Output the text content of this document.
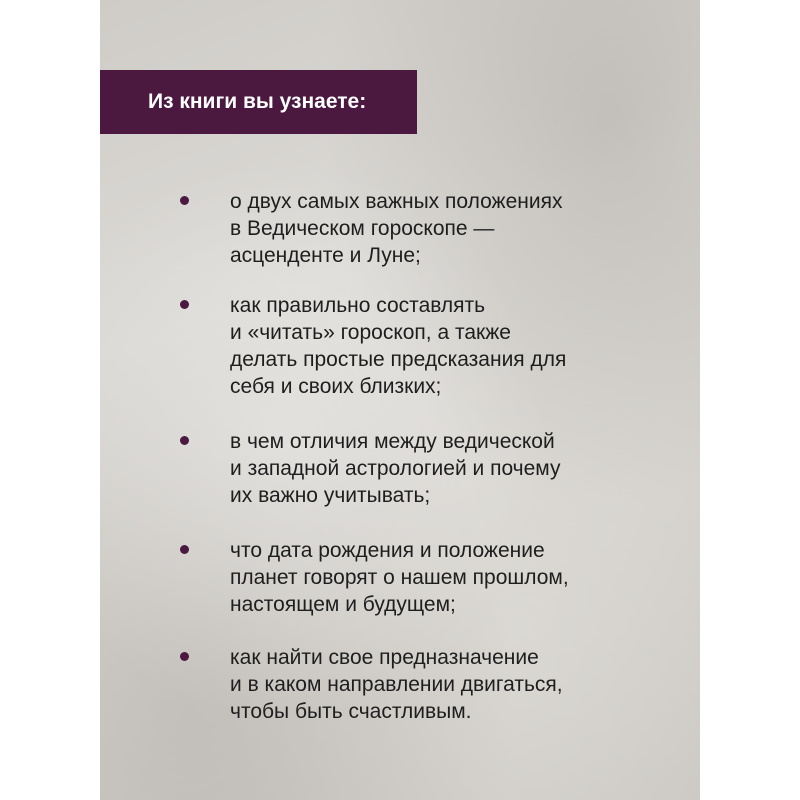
Из книги вы узнаете:

о двух самых важных положениях
в Ведическом гороскопе —
асценденте и Луне;

как правильно составлять
и «читать» гороскоп, а также
делать простые предсказания для
себя и своих близких;

в чем отличия между ведической
и западной астрологией и почему
их важно учитывать;

что дата рождения и положение
планет говорят о нашем прошлом,
настоящем и будущем;

как найти свое предназначение
и в каком направлении двигаться,
чтобы быть счастливым.
